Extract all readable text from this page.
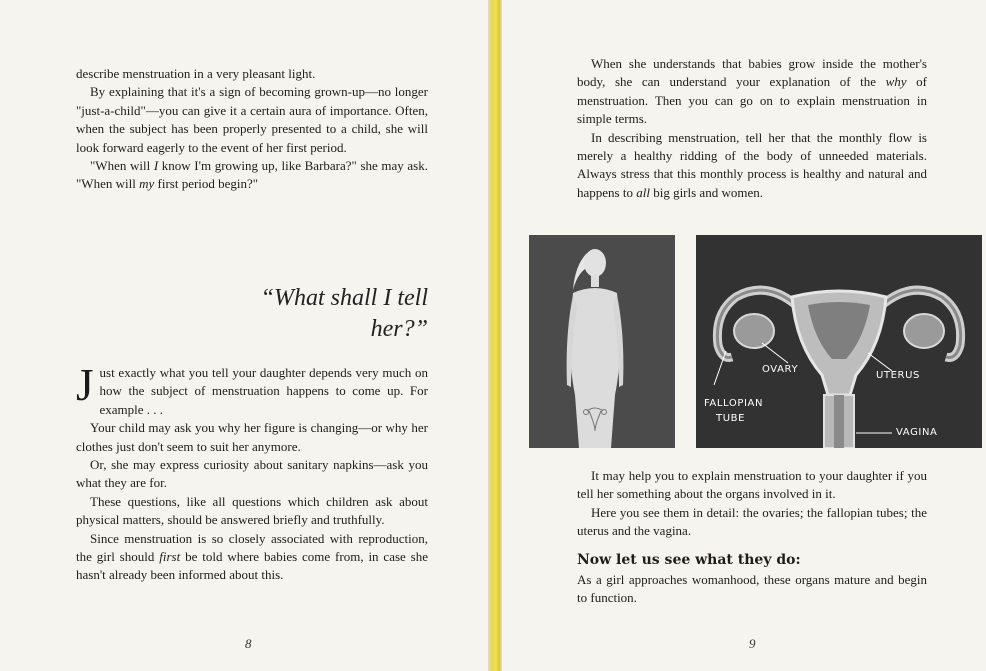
describe menstruation in a very pleasant light.

By explaining that it's a sign of becoming grown-up—no longer "just-a-child"—you can give it a certain aura of importance. Often, when the subject has been properly presented to a child, she will look forward eagerly to the event of her first period.

"When will I know I'm growing up, like Barbara?" she may ask. "When will my first period begin?"

“What shall I tell her?”

Just exactly what you tell your daughter depends very much on how the subject of menstruation happens to come up. For example . . .

Your child may ask you why her figure is changing—or why her clothes just don't seem to suit her anymore.

Or, she may express curiosity about sanitary napkins—ask you what they are for.

These questions, like all questions which children ask about physical matters, should be answered briefly and truthfully.

Since menstruation is so closely associated with reproduction, the girl should first be told where babies come from, in case she hasn't already been informed about this.

8

When she understands that babies grow inside the mother's body, she can understand your explanation of the why of menstruation. Then you can go on to explain menstruation in simple terms.

In describing menstruation, tell her that the monthly flow is merely a healthy ridding of the body of unneeded materials. Always stress that this monthly process is healthy and natural and happens to all big girls and women.

OVARY
UTERUS
FALLOPIAN
TUBE
VAGINA

It may help you to explain menstruation to your daughter if you tell her something about the organs involved in it.

Here you see them in detail: the ovaries; the fallopian tubes; the uterus and the vagina.

Now let us see what they do:

As a girl approaches womanhood, these organs mature and begin to function.

9
